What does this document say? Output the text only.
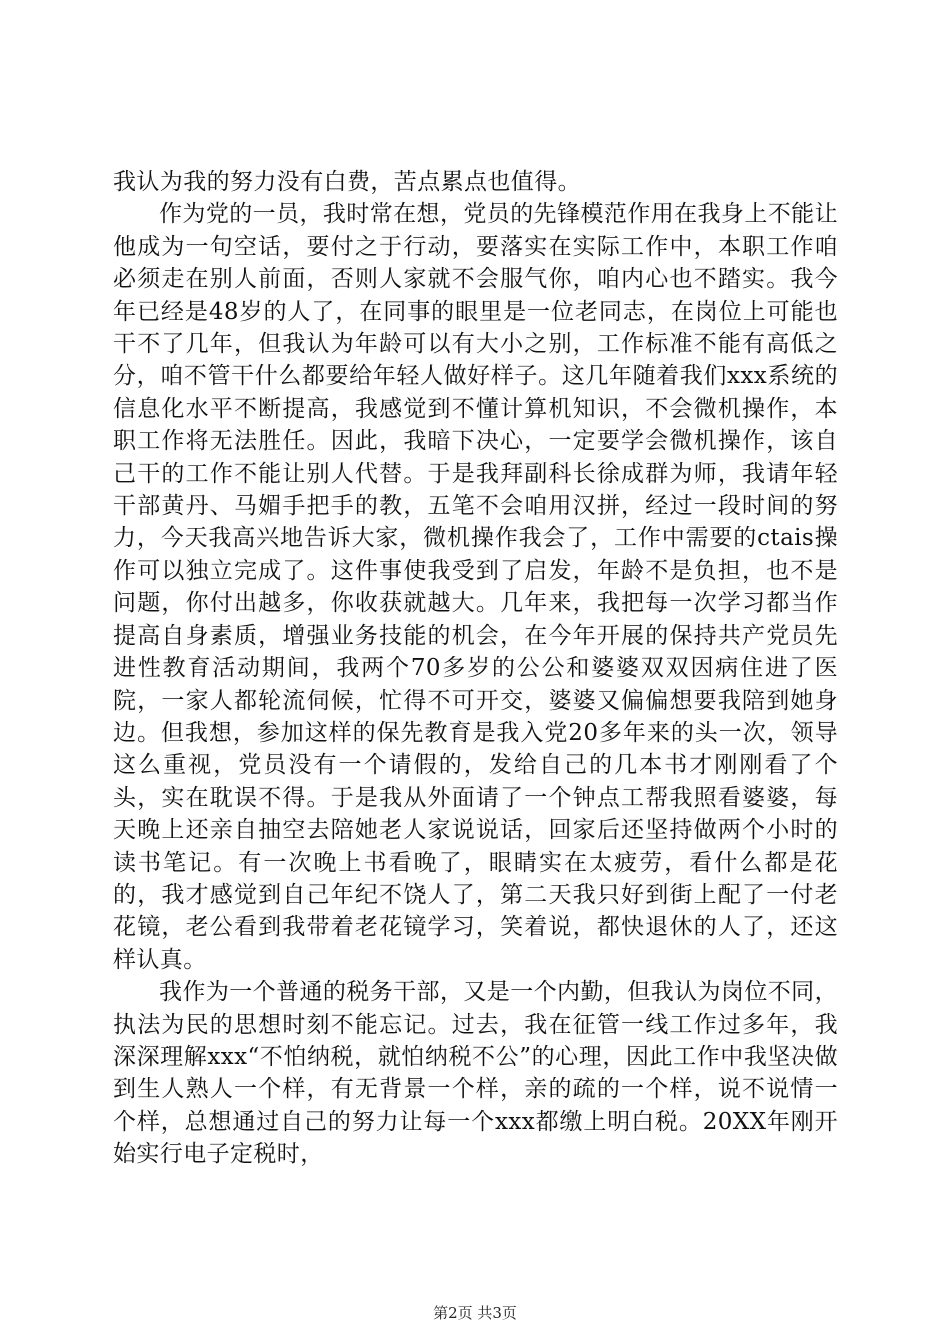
我认为我的努力没有白费，苦点累点也值得。

作为党的一员，我时常在想，党员的先锋模范作用在我身上不能让他成为一句空话，要付之于行动，要落实在实际工作中，本职工作咱必须走在别人前面，否则人家就不会服气你，咱内心也不踏实。我今年已经是48岁的人了，在同事的眼里是一位老同志，在岗位上可能也干不了几年，但我认为年龄可以有大小之别，工作标准不能有高低之分，咱不管干什么都要给年轻人做好样子。这几年随着我们xxx系统的信息化水平不断提高，我感觉到不懂计算机知识，不会微机操作，本职工作将无法胜任。因此，我暗下决心，一定要学会微机操作，该自己干的工作不能让别人代替。于是我拜副科长徐成群为师，我请年轻干部黄丹、马媚手把手的教，五笔不会咱用汉拼，经过一段时间的努力，今天我高兴地告诉大家，微机操作我会了，工作中需要的ctais操作可以独立完成了。这件事使我受到了启发，年龄不是负担，也不是问题，你付出越多，你收获就越大。几年来，我把每一次学习都当作提高自身素质，增强业务技能的机会，在今年开展的保持共产党员先进性教育活动期间，我两个70多岁的公公和婆婆双双因病住进了医院，一家人都轮流伺候，忙得不可开交，婆婆又偏偏想要我陪到她身边。但我想，参加这样的保先教育是我入党20多年来的头一次，领导这么重视，党员没有一个请假的，发给自己的几本书才刚刚看了个头，实在耽误不得。于是我从外面请了一个钟点工帮我照看婆婆，每天晚上还亲自抽空去陪她老人家说说话，回家后还坚持做两个小时的读书笔记。有一次晚上书看晚了，眼睛实在太疲劳，看什么都是花的，我才感觉到自己年纪不饶人了，第二天我只好到街上配了一付老花镜，老公看到我带着老花镜学习，笑着说，都快退休的人了，还这样认真。

我作为一个普通的税务干部，又是一个内勤，但我认为岗位不同，执法为民的思想时刻不能忘记。过去，我在征管一线工作过多年，我深深理解xxx“不怕纳税，就怕纳税不公”的心理，因此工作中我坚决做到生人熟人一个样，有无背景一个样，亲的疏的一个样，说不说情一个样，总想通过自己的努力让每一个xxx都缴上明白税。20XX年刚开始实行电子定税时，

第2页 共3页
